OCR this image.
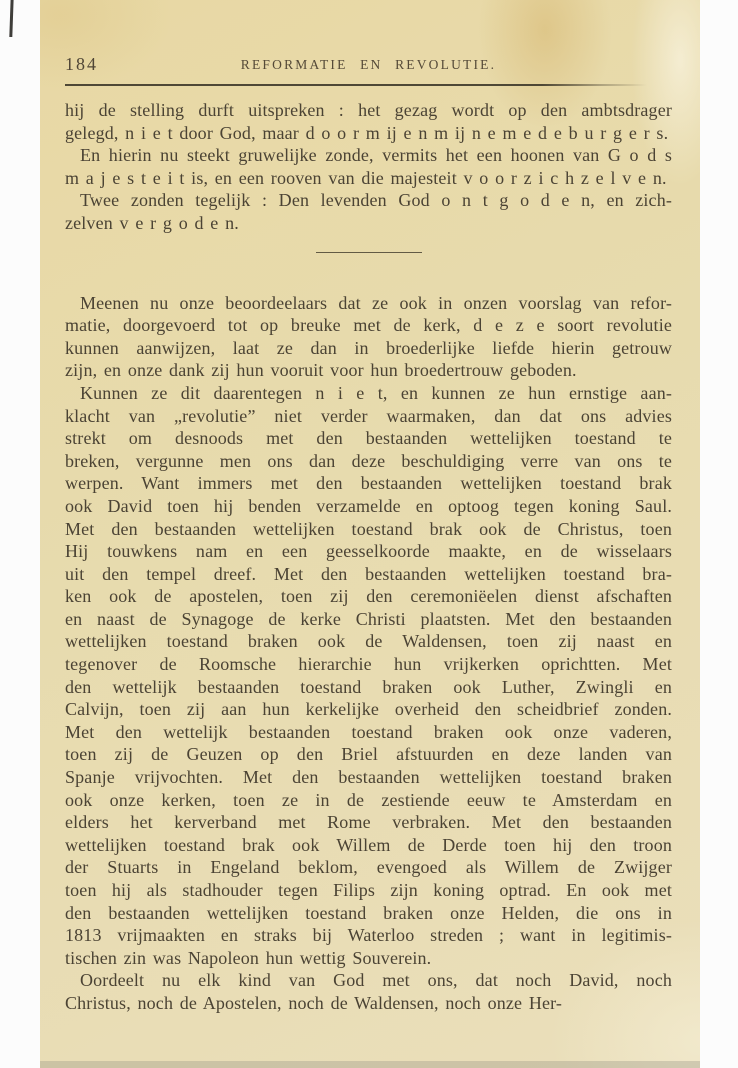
184	REFORMATIE EN REVOLUTIE.
hij de stelling durft uitspreken : het gezag wordt op den ambtsdrager
gelegd, n i e t door God, maar d o o r m ij e n m ij n e m e d e b u r g e r s.
En hierin nu steekt gruwelijke zonde, vermits het een hoonen van G o d s
m a j e s t e i t is, en een rooven van die majesteit v o o r z i c h z e l v e n.
Twee zonden tegelijk : Den levenden God o n t g o d e n, en zich-
zelven v e r g o d e n.
Meenen nu onze beoordeelaars dat ze ook in onzen voorslag van refor-
matie, doorgevoerd tot op breuke met de kerk, d e z e soort revolutie
kunnen aanwijzen, laat ze dan in broederlijke liefde hierin getrouw
zijn, en onze dank zij hun vooruit voor hun broedertrouw geboden.
Kunnen ze dit daarentegen n i e t, en kunnen ze hun ernstige aan-
klacht van „revolutie” niet verder waarmaken, dan dat ons advies
strekt om desnoods met den bestaanden wettelijken toestand te
breken, vergunne men ons dan deze beschuldiging verre van ons te
werpen. Want immers met den bestaanden wettelijken toestand brak
ook David toen hij benden verzamelde en optoog tegen koning Saul.
Met den bestaanden wettelijken toestand brak ook de Christus, toen
Hij touwkens nam en een geesselkoorde maakte, en de wisselaars
uit den tempel dreef. Met den bestaanden wettelijken toestand bra-
ken ook de apostelen, toen zij den ceremoniëelen dienst afschaften
en naast de Synagoge de kerke Christi plaatsten. Met den bestaanden
wettelijken toestand braken ook de Waldensen, toen zij naast en
tegenover de Roomsche hierarchie hun vrijkerken oprichtten. Met
den wettelijk bestaanden toestand braken ook Luther, Zwingli en
Calvijn, toen zij aan hun kerkelijke overheid den scheidbrief zonden.
Met den wettelijk bestaanden toestand braken ook onze vaderen,
toen zij de Geuzen op den Briel afstuurden en deze landen van
Spanje vrijvochten. Met den bestaanden wettelijken toestand braken
ook onze kerken, toen ze in de zestiende eeuw te Amsterdam en
elders het kerverband met Rome verbraken. Met den bestaanden
wettelijken toestand brak ook Willem de Derde toen hij den troon
der Stuarts in Engeland beklom, evengoed als Willem de Zwijger
toen hij als stadhouder tegen Filips zijn koning optrad. En ook met
den bestaanden wettelijken toestand braken onze Helden, die ons in
1813 vrijmaakten en straks bij Waterloo streden ; want in legitimis-
tischen zin was Napoleon hun wettig Souverein.
Oordeelt nu elk kind van God met ons, dat noch David, noch
Christus, noch de Apostelen, noch de Waldensen, noch onze Her-
